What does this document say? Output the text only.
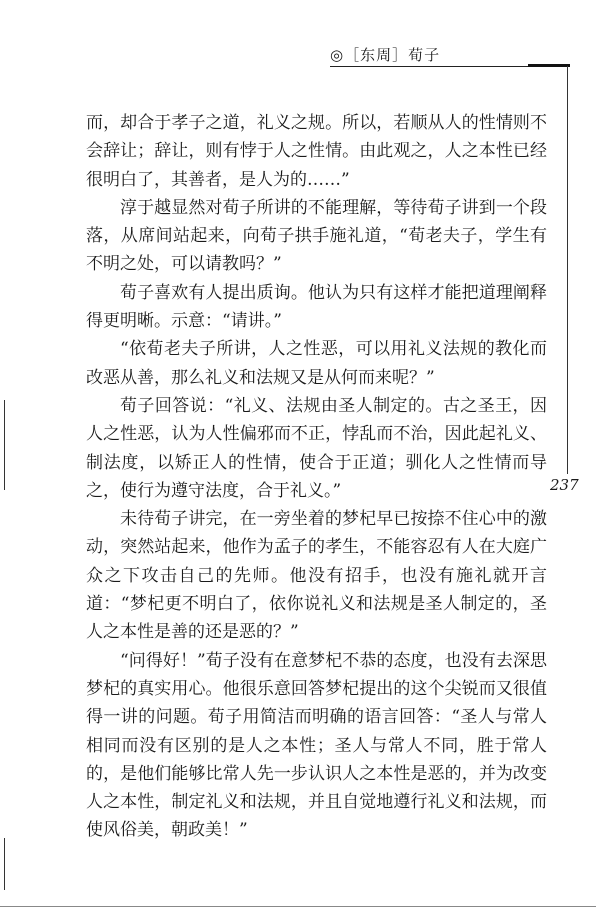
◎［东周］荀子
237

而，却合于孝子之道，礼义之规。所以，若顺从人的性情则不会辞让；辞让，则有悖于人之性情。由此观之，人之本性已经很明白了，其善者，是人为的……”

淳于越显然对荀子所讲的不能理解，等待荀子讲到一个段落，从席间站起来，向荀子拱手施礼道，“荀老夫子，学生有不明之处，可以请教吗？”

荀子喜欢有人提出质询。他认为只有这样才能把道理阐释得更明晰。示意：“请讲。”

“依荀老夫子所讲，人之性恶，可以用礼义法规的教化而改恶从善，那么礼义和法规又是从何而来呢？”

荀子回答说：“礼义、法规由圣人制定的。古之圣王，因人之性恶，认为人性偏邪而不正，悖乱而不治，因此起礼义、制法度，以矫正人的性情，使合于正道；驯化人之性情而导之，使行为遵守法度，合于礼义。”

未待荀子讲完，在一旁坐着的梦杞早已按捺不住心中的激动，突然站起来，他作为孟子的孝生，不能容忍有人在大庭广众之下攻击自己的先师。他没有招手，也没有施礼就开言道：“梦杞更不明白了，依你说礼义和法规是圣人制定的，圣人之本性是善的还是恶的？”

“问得好！”荀子没有在意梦杞不恭的态度，也没有去深思梦杞的真实用心。他很乐意回答梦杞提出的这个尖锐而又很值得一讲的问题。荀子用简洁而明确的语言回答：“圣人与常人相同而没有区别的是人之本性；圣人与常人不同，胜于常人的，是他们能够比常人先一步认识人之本性是恶的，并为改变人之本性，制定礼义和法规，并且自觉地遵行礼义和法规，而使风俗美，朝政美！”
